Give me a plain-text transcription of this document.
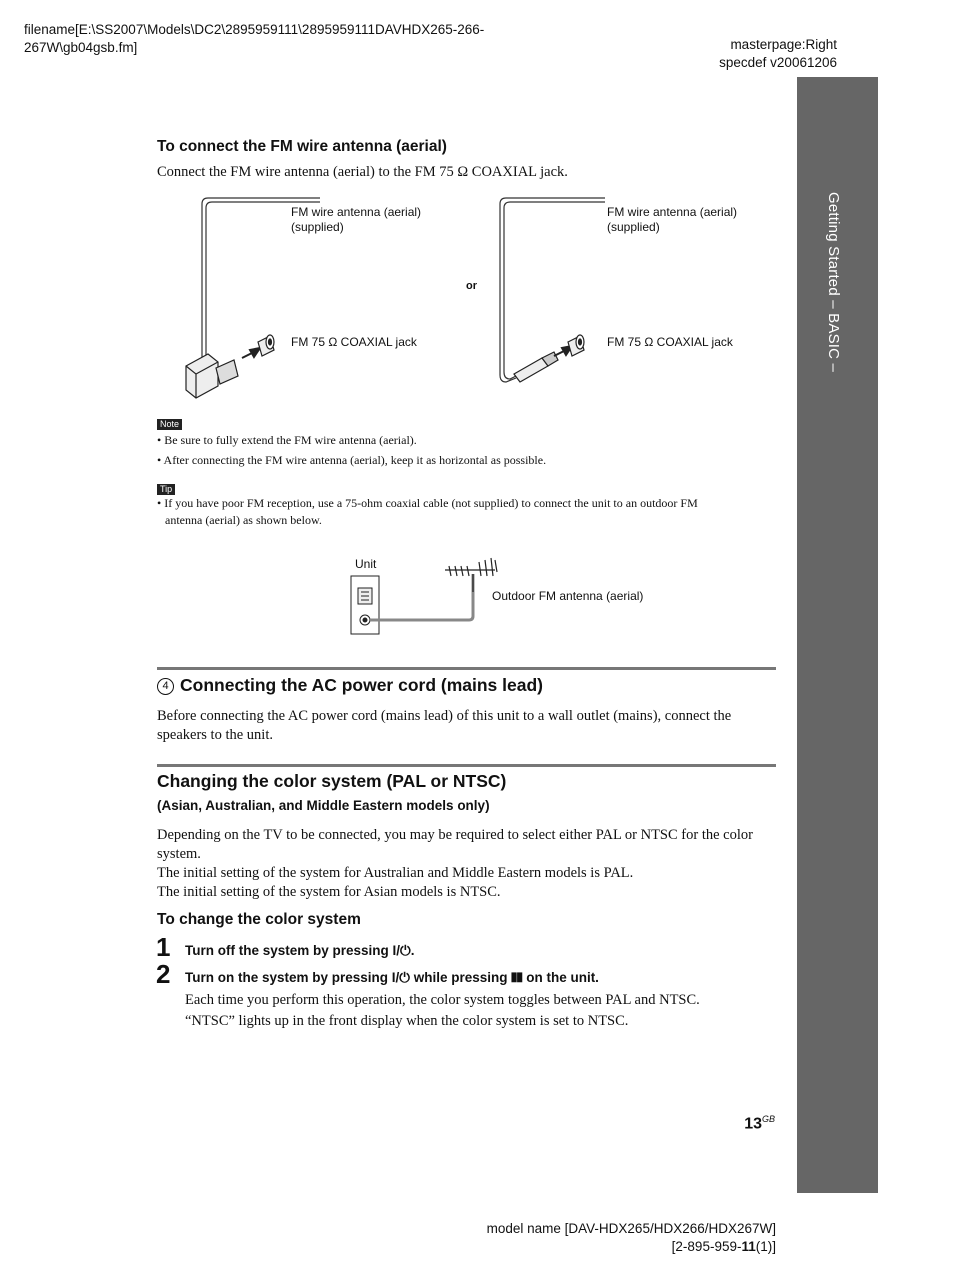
filename[E:\SS2007\Models\DC2\2895959111\2895959111DAVHDX265-266-
267W\gb04gsb.fm]	masterpage:Right
specdef v20061206
Getting Started – BASIC –
To connect the FM wire antenna (aerial)
Connect the FM wire antenna (aerial) to the FM 75 Ω COAXIAL jack.
or
FM wire antenna (aerial)
(supplied)
FM 75 Ω COAXIAL jack
FM wire antenna (aerial)
(supplied)
FM 75 Ω COAXIAL jack
Note
• Be sure to fully extend the FM wire antenna (aerial).
• After connecting the FM wire antenna (aerial), keep it as horizontal as possible.
Tip
• If you have poor FM reception, use a 75-ohm coaxial cable (not supplied) to connect the unit to an outdoor FM
antenna (aerial) as shown below.
Unit
Outdoor FM antenna (aerial)
4 Connecting the AC power cord (mains lead)
Before connecting the AC power cord (mains lead) of this unit to a wall outlet (mains), connect the
speakers to the unit.
Changing the color system (PAL or NTSC)
(Asian, Australian, and Middle Eastern models only)
Depending on the TV to be connected, you may be required to select either PAL or NTSC for the color
system.
The initial setting of the system for Australian and Middle Eastern models is PAL.
The initial setting of the system for Asian models is NTSC.
To change the color system
1 Turn off the system by pressing I/⏻.
2 Turn on the system by pressing I/⏻ while pressing ❚❚ on the unit.
Each time you perform this operation, the color system toggles between PAL and NTSC.
“NTSC” lights up in the front display when the color system is set to NTSC.
$13^{GB}$
model name [DAV-HDX265/HDX266/HDX267W]
[2-895-959-11(1)]
